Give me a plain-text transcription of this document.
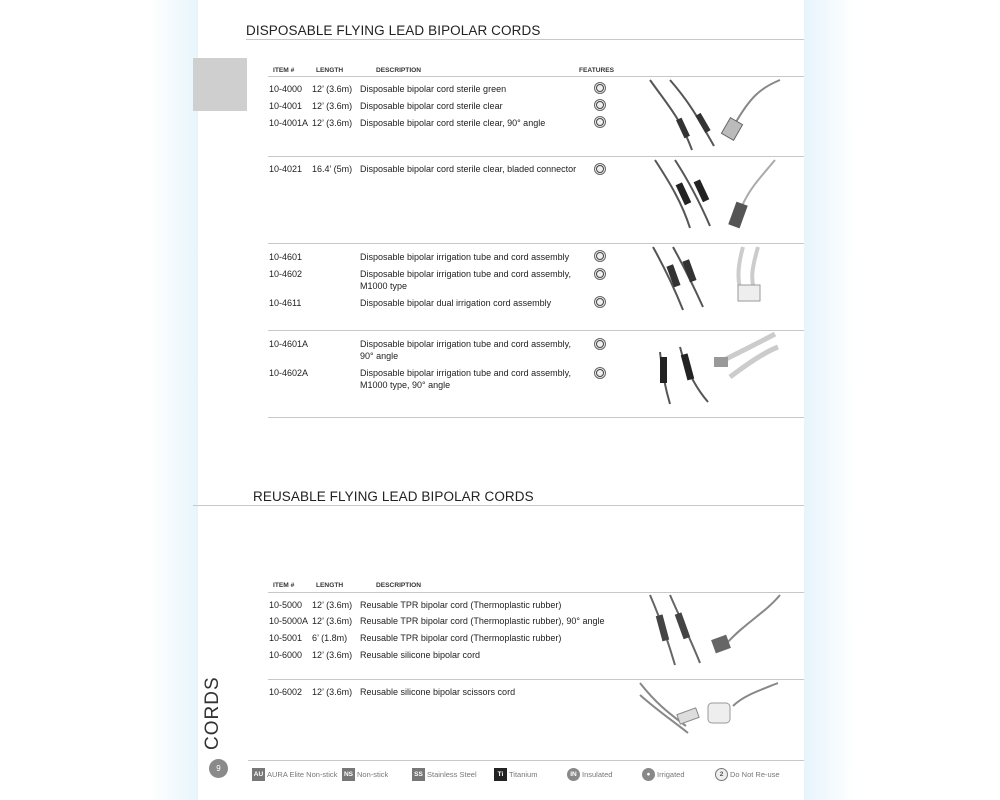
DISPOSABLE FLYING LEAD BIPOLAR CORDS
ITEM #	LENGTH	DESCRIPTION	FEATURES
10-4000 12’ (3.6m) Disposable bipolar cord sterile green
10-4001 12’ (3.6m) Disposable bipolar cord sterile clear
10-4001A 12’ (3.6m) Disposable bipolar cord sterile clear, 90° angle
10-4021 16.4’ (5m) Disposable bipolar cord sterile clear, bladed connector
10-4601	Disposable bipolar irrigation tube and cord assembly
10-4602	Disposable bipolar irrigation tube and cord assembly,
M1000 type
10-4611	Disposable bipolar dual irrigation cord assembly
10-4601A	Disposable bipolar irrigation tube and cord assembly,
90° angle
10-4602A	Disposable bipolar irrigation tube and cord assembly,
M1000 type, 90° angle
REUSABLE FLYING LEAD BIPOLAR CORDS
ITEM #	LENGTH	DESCRIPTION
10-5000 12’ (3.6m) Reusable TPR bipolar cord (Thermoplastic rubber)
10-5000A 12’ (3.6m) Reusable TPR bipolar cord (Thermoplastic rubber), 90° angle
10-5001 6’ (1.8m) Reusable TPR bipolar cord (Thermoplastic rubber)
10-6000 12’ (3.6m) Reusable silicone bipolar cord
10-6002 12’ (3.6m) Reusable silicone bipolar scissors cord
CORDS
9
AU AURA Elite Non-stick	NS Non-stick	SS Stainless Steel	Ti Titanium	IN Insulated	● Irrigated	2 Do Not Re-use
